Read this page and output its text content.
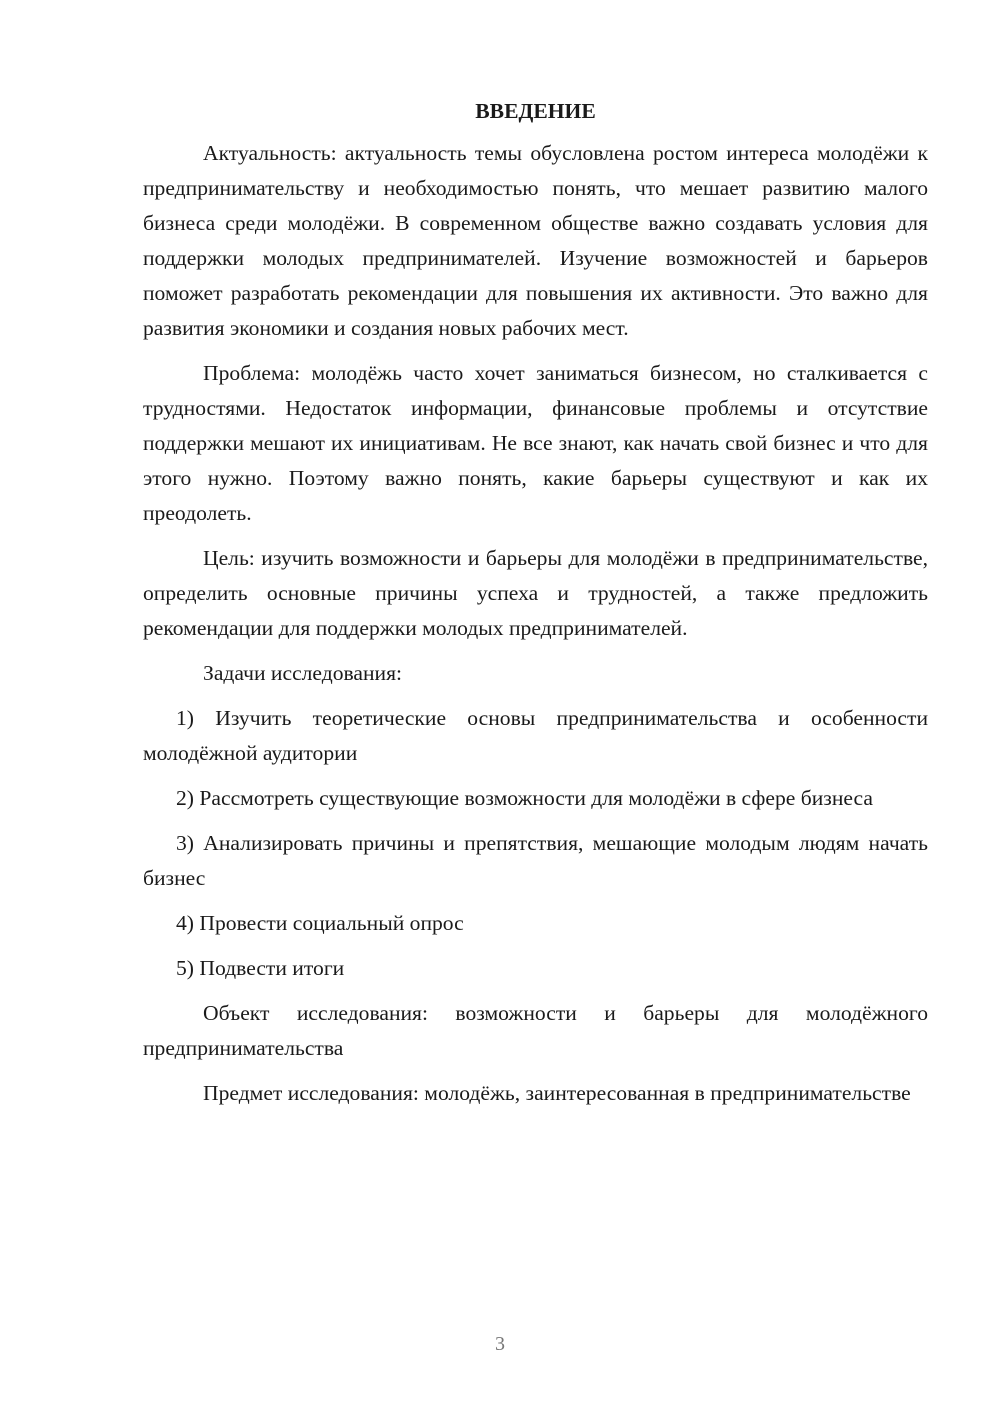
ВВЕДЕНИЕ

Актуальность: актуальность темы обусловлена ростом интереса молодёжи к предпринимательству и необходимостью понять, что мешает развитию малого бизнеса среди молодёжи. В современном обществе важно создавать условия для поддержки молодых предпринимателей. Изучение возможностей и барьеров поможет разработать рекомендации для повышения их активности. Это важно для развития экономики и создания новых рабочих мест.

Проблема: молодёжь часто хочет заниматься бизнесом, но сталкивается с трудностями. Недостаток информации, финансовые проблемы и отсутствие поддержки мешают их инициативам. Не все знают, как начать свой бизнес и что для этого нужно. Поэтому важно понять, какие барьеры существуют и как их преодолеть.

Цель: изучить возможности и барьеры для молодёжи в предпринимательстве, определить основные причины успеха и трудностей, а также предложить рекомендации для поддержки молодых предпринимателей.

Задачи исследования:

1) Изучить теоретические основы предпринимательства и особенности молодёжной аудитории

2) Рассмотреть существующие возможности для молодёжи в сфере бизнеса

3) Анализировать причины и препятствия, мешающие молодым людям начать бизнес

4) Провести социальный опрос

5) Подвести итоги

Объект исследования: возможности и барьеры для молодёжного предпринимательства

Предмет исследования: молодёжь, заинтересованная в предпринимательстве

3
